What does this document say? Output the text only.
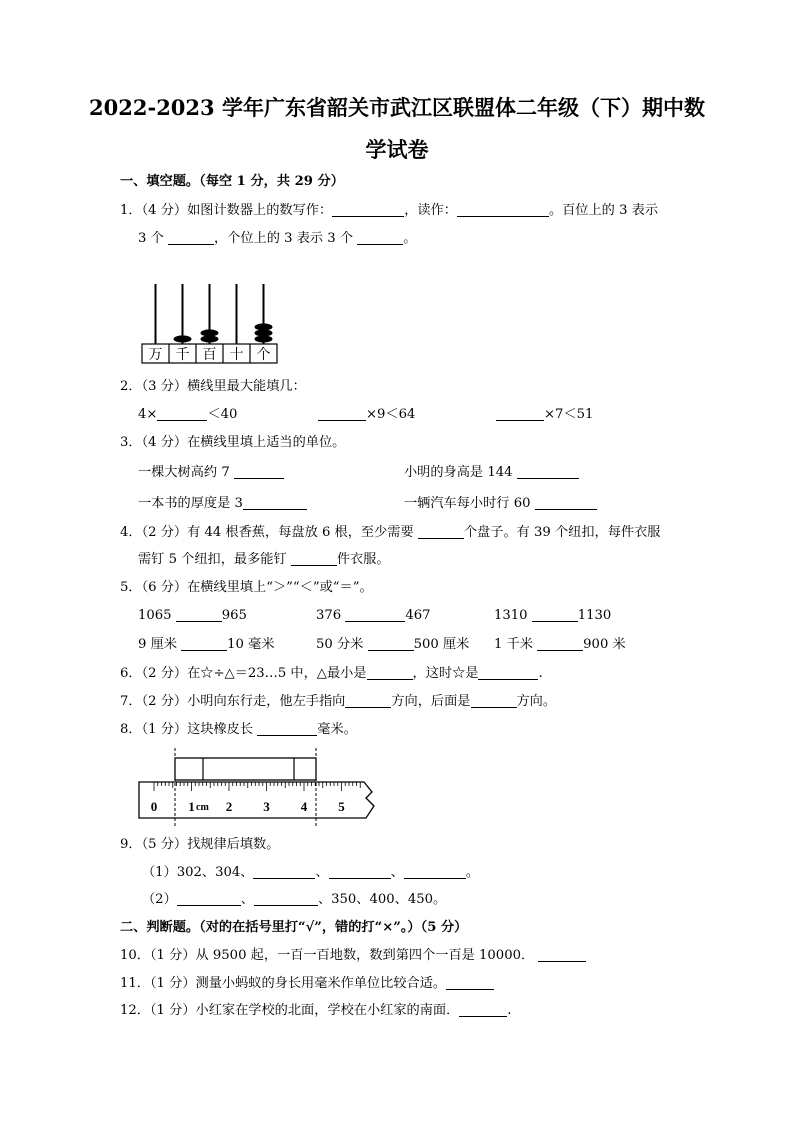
2022-2023 学年广东省韶关市武江区联盟体二年级（下）期中数
学试卷
一、填空题。（每空 1 分，共 29 分）
1．（4 分）如图计数器上的数写作：	，读作：	。百位上的 3 表示
3 个	，个位上的 3 表示 3 个	。
万 千 百 十 个
2．（3 分）横线里最大能填几：
4×	＜40	×9＜64	×7＜51
3．（4 分）在横线里填上适当的单位。
一棵大树高约 7	小明的身高是 144
一本书的厚度是 3	一辆汽车每小时行 60
4．（2 分）有 44 根香蕉，每盘放 6 根，至少需要	个盘子。有 39 个纽扣，每件衣服
需钉 5 个纽扣，最多能钉	件衣服。
5．（6 分）在横线里填上“＞”“＜”或“＝”。
1065	965	376	467	1310	1130
9 厘米	10 毫米	50 分米	500 厘米 1 千米	900 米
6．（2 分）在☆÷△＝23…5 中，△最小是	，这时☆是	.
7．（2 分）小明向东行走，他左手指向	方向，后面是	方向。
8．（1 分）这块橡皮长	毫米。
0 1 2 3 4 5
cm
9．（5 分）找规律后填数。
（1）302、304、	、	、	。
（2）	、	、350、400、450。
二、判断题。（对的在括号里打“√”，错的打“×”。）（5 分）
10．（1 分）从 9500 起，一百一百地数，数到第四个一百是 10000．
11．（1 分）测量小蚂蚁的身长用毫米作单位比较合适。
12．（1 分）小红家在学校的北面，学校在小红家的南面．	.
